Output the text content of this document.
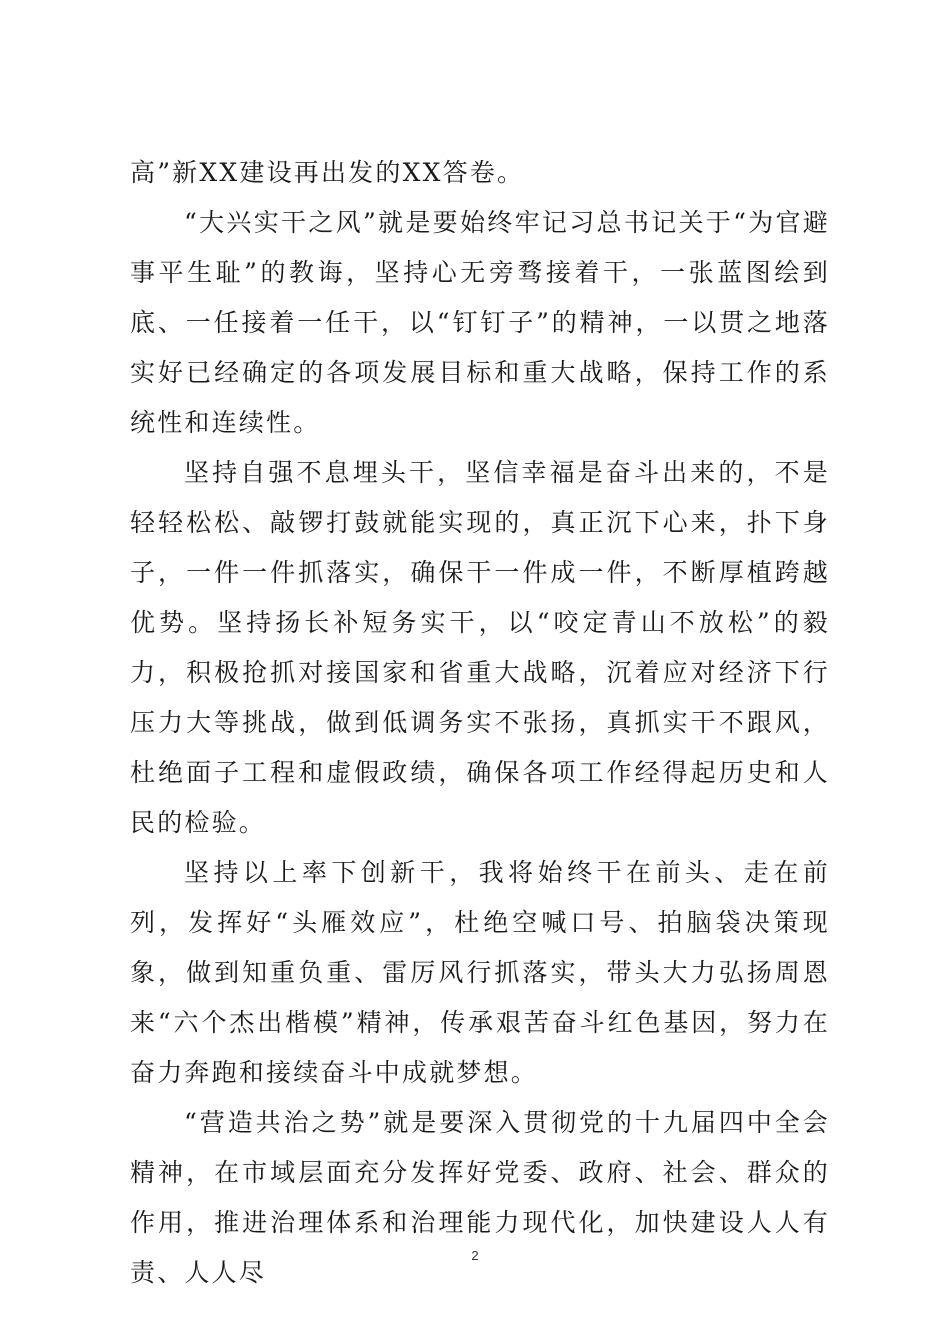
高”新XX建设再出发的XX答卷。

“大兴实干之风”就是要始终牢记习总书记关于“为官避事平生耻”的教诲，坚持心无旁骛接着干，一张蓝图绘到底、一任接着一任干，以“钉钉子”的精神，一以贯之地落实好已经确定的各项发展目标和重大战略，保持工作的系统性和连续性。

坚持自强不息埋头干，坚信幸福是奋斗出来的，不是轻轻松松、敲锣打鼓就能实现的，真正沉下心来，扑下身子，一件一件抓落实，确保干一件成一件，不断厚植跨越优势。坚持扬长补短务实干，以“咬定青山不放松”的毅力，积极抢抓对接国家和省重大战略，沉着应对经济下行压力大等挑战，做到低调务实不张扬，真抓实干不跟风，杜绝面子工程和虚假政绩，确保各项工作经得起历史和人民的检验。

坚持以上率下创新干，我将始终干在前头、走在前列，发挥好“头雁效应”，杜绝空喊口号、拍脑袋决策现象，做到知重负重、雷厉风行抓落实，带头大力弘扬周恩来“六个杰出楷模”精神，传承艰苦奋斗红色基因，努力在奋力奔跑和接续奋斗中成就梦想。

“营造共治之势”就是要深入贯彻党的十九届四中全会精神，在市域层面充分发挥好党委、政府、社会、群众的作用，推进治理体系和治理能力现代化，加快建设人人有责、人人尽

2
